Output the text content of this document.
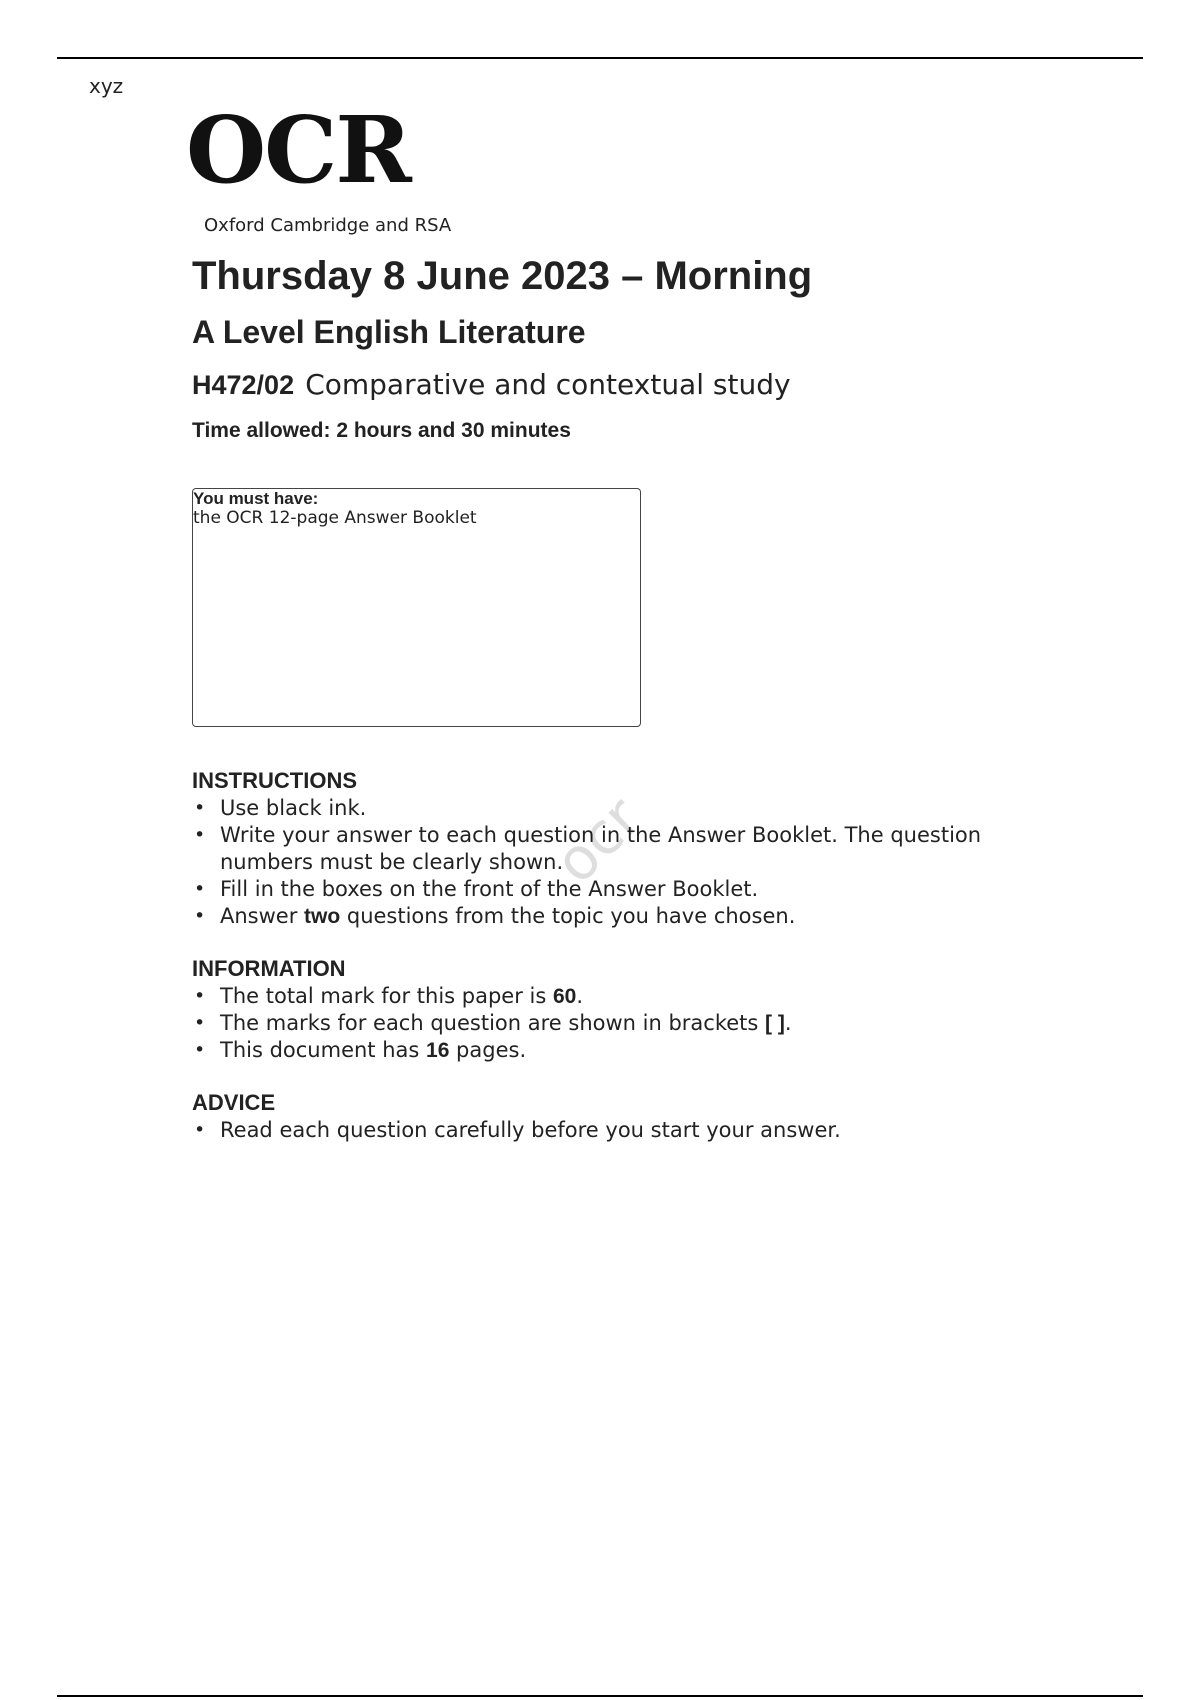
xyz
OCR
Oxford Cambridge and RSA
Thursday 8 June 2023 – Morning
A Level English Literature
H472/02 Comparative and contextual study
Time allowed: 2 hours and 30 minutes
You must have:
the OCR 12-page Answer Booklet
INSTRUCTIONS
• Use black ink.
• Write your answer to each question in the Answer Booklet. The question numbers must be clearly shown.
• Fill in the boxes on the front of the Answer Booklet.
• Answer two questions from the topic you have chosen.
INFORMATION
• The total mark for this paper is 60.
• The marks for each question are shown in brackets [ ].
• This document has 16 pages.
ADVICE
• Read each question carefully before you start your answer.
ocr
